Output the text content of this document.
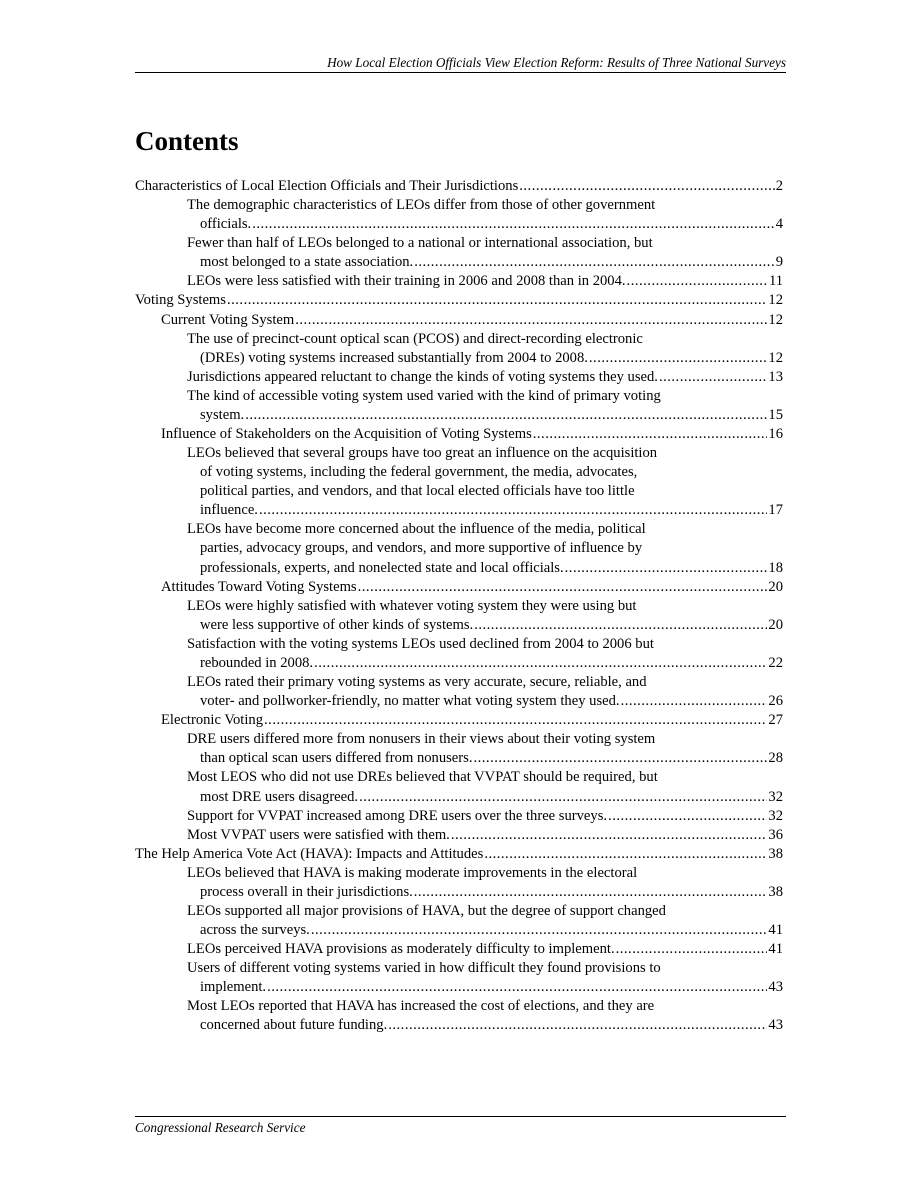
How Local Election Officials View Election Reform: Results of Three National Surveys
Contents
Characteristics of Local Election Officials and Their Jurisdictions .....	2
The demographic characteristics of LEOs differ from those of other government
officials. .....	4
Fewer than half of LEOs belonged to a national or international association, but
most belonged to a state association. .....	9
LEOs were less satisfied with their training in 2006 and 2008 than in 2004. .....	11
Voting Systems .....	12
Current Voting System .....	12
The use of precinct-count optical scan (PCOS) and direct-recording electronic
(DREs) voting systems increased substantially from 2004 to 2008. .....	12
Jurisdictions appeared reluctant to change the kinds of voting systems they used. .....	13
The kind of accessible voting system used varied with the kind of primary voting
system. .....	15
Influence of Stakeholders on the Acquisition of Voting Systems .....	16
LEOs believed that several groups have too great an influence on the acquisition
of voting systems, including the federal government, the media, advocates,
political parties, and vendors, and that local elected officials have too little
influence. .....	17
LEOs have become more concerned about the influence of the media, political
parties, advocacy groups, and vendors, and more supportive of influence by
professionals, experts, and nonelected state and local officials. .....	18
Attitudes Toward Voting Systems .....	20
LEOs were highly satisfied with whatever voting system they were using but
were less supportive of other kinds of systems. .....	20
Satisfaction with the voting systems LEOs used declined from 2004 to 2006 but
rebounded in 2008. .....	22
LEOs rated their primary voting systems as very accurate, secure, reliable, and
voter- and pollworker-friendly, no matter what voting system they used. .....	26
Electronic Voting .....	27
DRE users differed more from nonusers in their views about their voting system
than optical scan users differed from nonusers. .....	28
Most LEOS who did not use DREs believed that VVPAT should be required, but
most DRE users disagreed. .....	32
Support for VVPAT increased among DRE users over the three surveys. .....	32
Most VVPAT users were satisfied with them. .....	36
The Help America Vote Act (HAVA): Impacts and Attitudes .....	38
LEOs believed that HAVA is making moderate improvements in the electoral
process overall in their jurisdictions. .....	38
LEOs supported all major provisions of HAVA, but the degree of support changed
across the surveys. .....	41
LEOs perceived HAVA provisions as moderately difficulty to implement. .....	41
Users of different voting systems varied in how difficult they found provisions to
implement. .....	43
Most LEOs reported that HAVA has increased the cost of elections, and they are
concerned about future funding. .....	43
Congressional Research Service
